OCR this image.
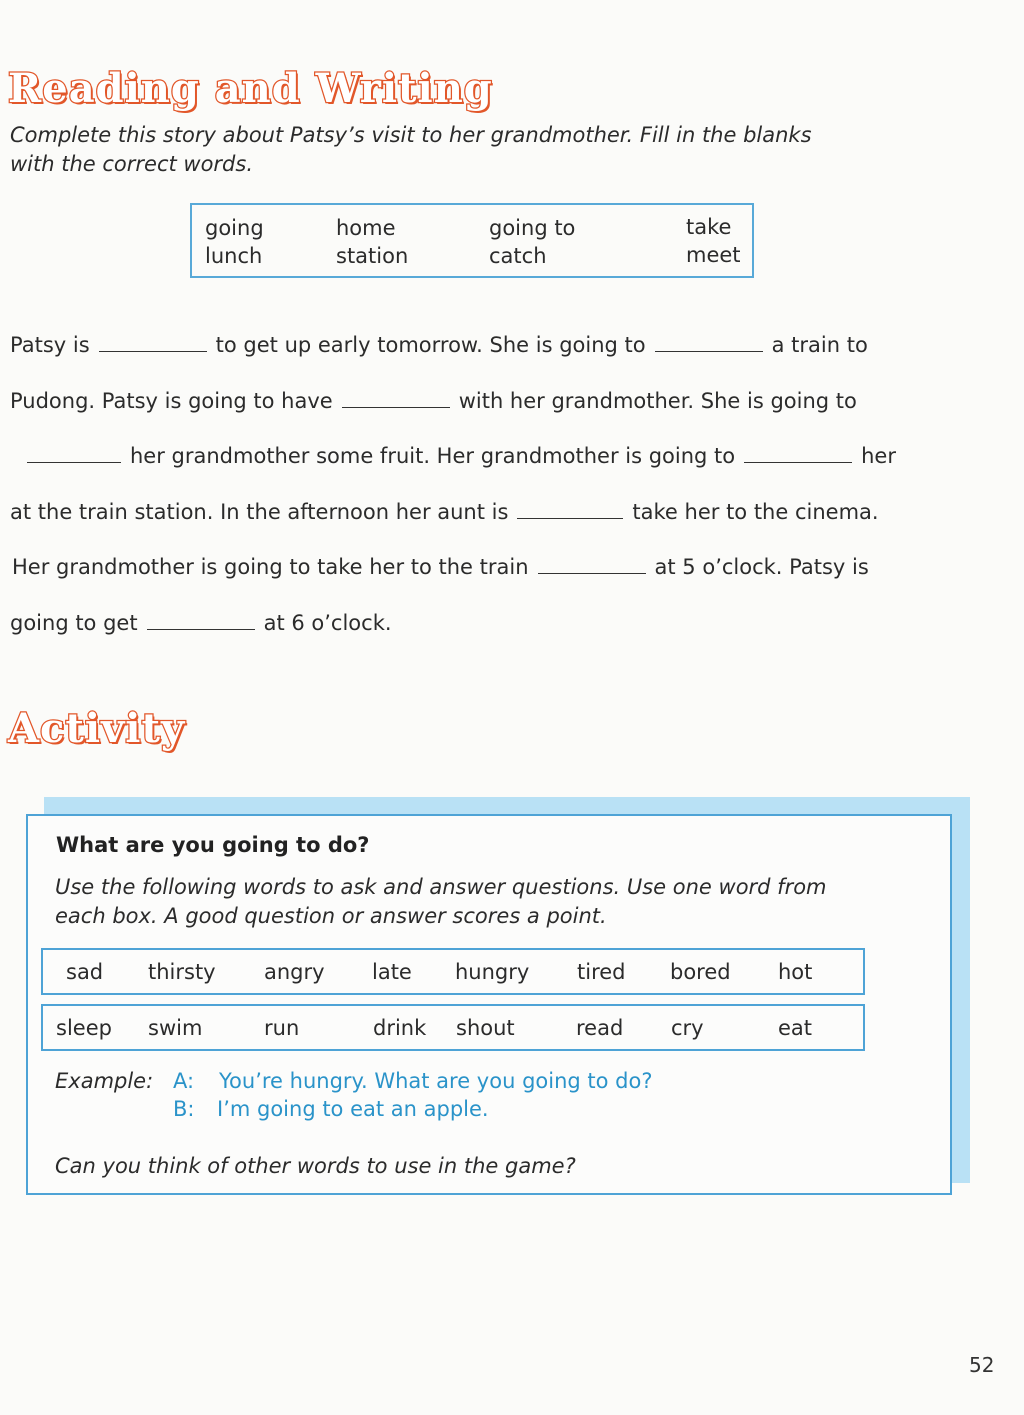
Reading and Writing
Complete this story about Patsy’s visit to her grandmother. Fill in the blanks
with the correct words.
going	home	going to	take
lunch	station	catch	meet
Patsy is	to get up early tomorrow. She is going to	a train to
Pudong. Patsy is going to have	with her grandmother. She is going to
her grandmother some fruit. Her grandmother is going to	her
at the train station. In the afternoon her aunt is	take her to the cinema.
Her grandmother is going to take her to the train	at 5 o’clock. Patsy is
going to get	at 6 o’clock.
Activity
What are you going to do?
Use the following words to ask and answer questions. Use one word from
each box. A good question or answer scores a point.
sad thirsty angry late hungry tired bored hot
sleep swim	run	drink shout	read cry	eat
Example: A: You’re hungry. What are you going to do?
B: I’m going to eat an apple.
Can you think of other words to use in the game?
52
